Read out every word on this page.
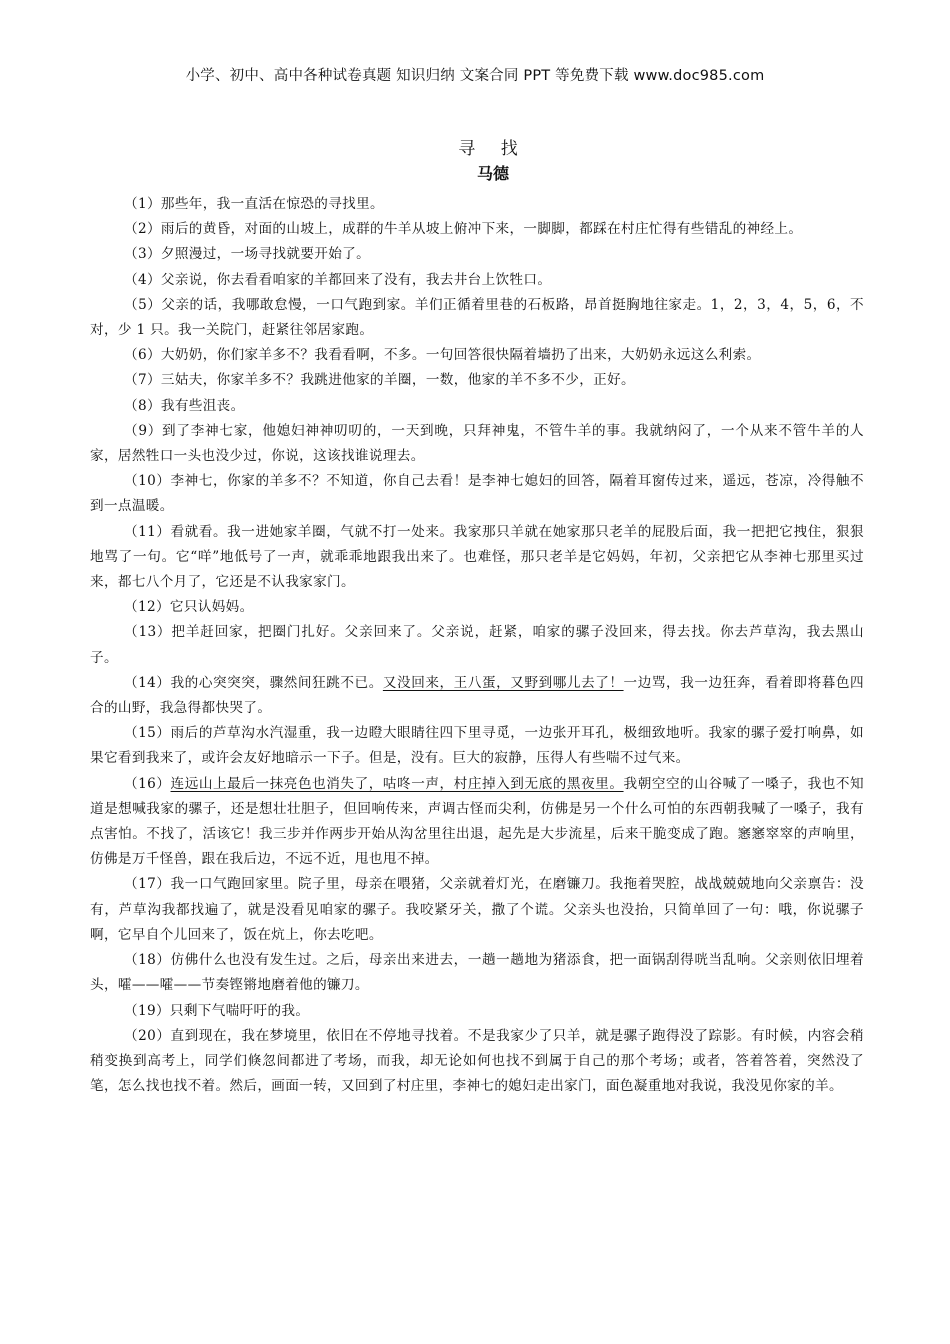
小学、初中、高中各种试卷真题 知识归纳 文案合同 PPT 等免费下载 www.doc985.com
寻 找
马德

（1）那些年，我一直活在惊恐的寻找里。

（2）雨后的黄昏，对面的山坡上，成群的牛羊从坡上俯冲下来，一脚脚，都踩在村庄忙得有些错乱的神经上。

（3）夕照漫过，一场寻找就要开始了。

（4）父亲说，你去看看咱家的羊都回来了没有，我去井台上饮牲口。

（5）父亲的话，我哪敢怠慢，一口气跑到家。羊们正循着里巷的石板路，昂首挺胸地往家走。1，2，3，4，5，6，不对，少 1 只。我一关院门，赶紧往邻居家跑。

（6）大奶奶，你们家羊多不？我看看啊，不多。一句回答很快隔着墙扔了出来，大奶奶永远这么利索。

（7）三姑夫，你家羊多不？我跳进他家的羊圈，一数，他家的羊不多不少，正好。

（8）我有些沮丧。

（9）到了李神七家，他媳妇神神叨叨的，一天到晚，只拜神鬼，不管牛羊的事。我就纳闷了，一个从来不管牛羊的人家，居然牲口一头也没少过，你说，这该找谁说理去。

（10）李神七，你家的羊多不？不知道，你自己去看！是李神七媳妇的回答，隔着耳窗传过来，遥远，苍凉，冷得触不到一点温暖。

（11）看就看。我一进她家羊圈，气就不打一处来。我家那只羊就在她家那只老羊的屁股后面，我一把把它拽住，狠狠地骂了一句。它“咩”地低号了一声，就乖乖地跟我出来了。也难怪，那只老羊是它妈妈，年初，父亲把它从李神七那里买过来，都七八个月了，它还是不认我家家门。

（12）它只认妈妈。

（13）把羊赶回家，把圈门扎好。父亲回来了。父亲说，赶紧，咱家的骡子没回来，得去找。你去芦草沟，我去黑山子。

（14）我的心突突突，骤然间狂跳不已。又没回来，王八蛋，又野到哪儿去了！一边骂，我一边狂奔，看着即将暮色四合的山野，我急得都快哭了。

（15）雨后的芦草沟水汽湿重，我一边瞪大眼睛往四下里寻觅，一边张开耳孔，极细致地听。我家的骡子爱打响鼻，如果它看到我来了，或许会友好地暗示一下子。但是，没有。巨大的寂静，压得人有些喘不过气来。

（16）连远山上最后一抹亮色也消失了，咕咚一声，村庄掉入到无底的黑夜里。我朝空空的山谷喊了一嗓子，我也不知道是想喊我家的骡子，还是想壮壮胆子，但回响传来，声调古怪而尖利，仿佛是另一个什么可怕的东西朝我喊了一嗓子，我有点害怕。不找了，活该它！我三步并作两步开始从沟岔里往出退，起先是大步流星，后来干脆变成了跑。窸窸窣窣的声响里，仿佛是万千怪兽，跟在我后边，不远不近，甩也甩不掉。

（17）我一口气跑回家里。院子里，母亲在喂猪，父亲就着灯光，在磨镰刀。我拖着哭腔，战战兢兢地向父亲禀告：没有，芦草沟我都找遍了，就是没看见咱家的骡子。我咬紧牙关，撒了个谎。父亲头也没抬，只简单回了一句：哦，你说骡子啊，它早自个儿回来了，饭在炕上，你去吃吧。

（18）仿佛什么也没有发生过。之后，母亲出来进去，一趟一趟地为猪添食，把一面锅刮得咣当乱响。父亲则依旧埋着头，嚯——嚯——节奏铿锵地磨着他的镰刀。

（19）只剩下气喘吁吁的我。

（20）直到现在，我在梦境里，依旧在不停地寻找着。不是我家少了只羊，就是骡子跑得没了踪影。有时候，内容会稍稍变换到高考上，同学们倏忽间都进了考场，而我，却无论如何也找不到属于自己的那个考场；或者，答着答着，突然没了笔，怎么找也找不着。然后，画面一转，又回到了村庄里，李神七的媳妇走出家门，面色凝重地对我说，我没见你家的羊。
